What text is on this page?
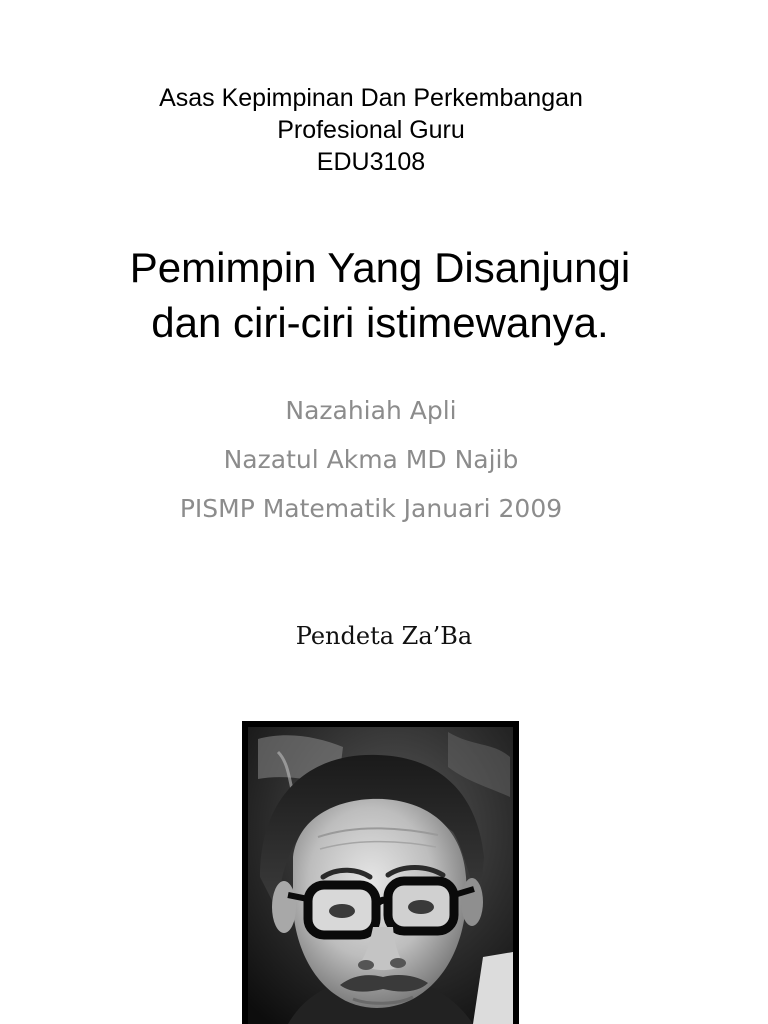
Asas Kepimpinan Dan Perkembangan
Profesional Guru
EDU3108
Pemimpin Yang Disanjungi
dan ciri-ciri istimewanya.
Nazahiah Apli
Nazatul Akma MD Najib
PISMP Matematik Januari 2009
Pendeta Za’Ba
